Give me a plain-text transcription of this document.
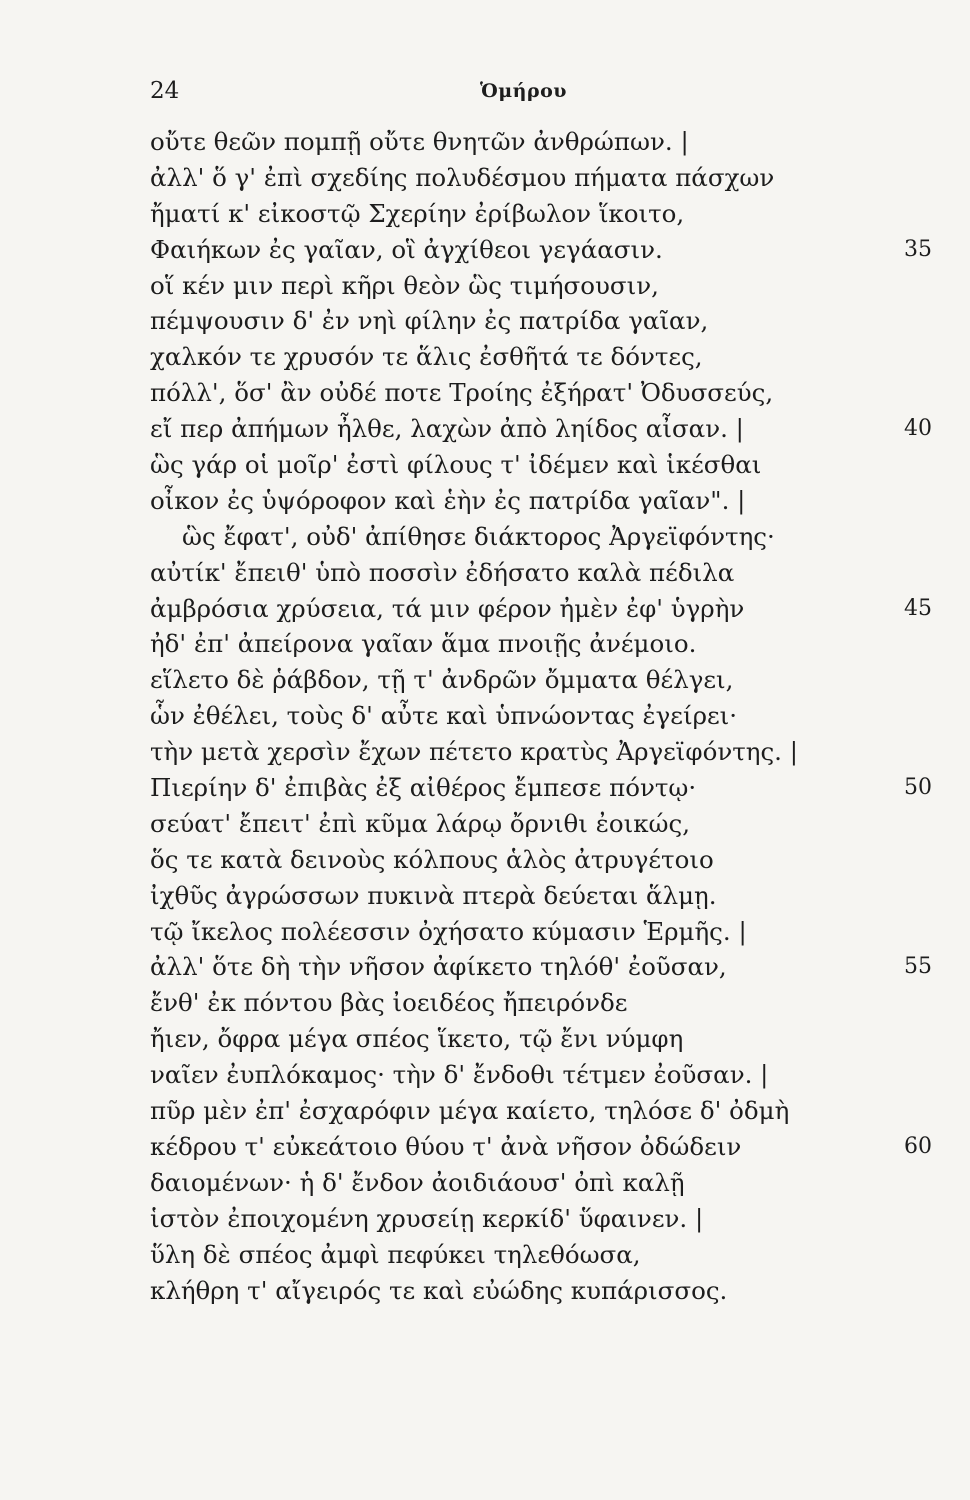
24	Ὁμήρου
οὔτε θεῶν πομπῇ οὔτε θνητῶν ἀνθρώπων. |
ἀλλ' ὅ γ' ἐπὶ σχεδίης πολυδέσμου πήματα πάσχων
ἤματί κ' εἰκοστῷ Σχερίην ἐρίβωλον ἵκοιτο,
Φαιήκων ἐς γαῖαν, οἳ ἀγχίθεοι γεγάασιν.	35
οἵ κέν μιν περὶ κῆρι θεὸν ὣς τιμήσουσιν,
πέμψουσιν δ' ἐν νηὶ φίλην ἐς πατρίδα γαῖαν,
χαλκόν τε χρυσόν τε ἅλις ἐσθῆτά τε δόντες,
πόλλ', ὅσ' ἂν οὐδέ ποτε Τροίης ἐξήρατ' Ὀδυσσεύς,
εἴ περ ἀπήμων ἦλθε, λαχὼν ἀπὸ ληίδος αἶσαν. |	40
ὣς γάρ οἱ μοῖρ' ἐστὶ φίλους τ' ἰδέμεν καὶ ἱκέσθαι
οἶκον ἐς ὑψόροφον καὶ ἑὴν ἐς πατρίδα γαῖαν". |
ὣς ἔφατ', οὐδ' ἀπίθησε διάκτορος Ἀργεϊφόντης·
αὐτίκ' ἔπειθ' ὑπὸ ποσσὶν ἐδήσατο καλὰ πέδιλα
ἀμβρόσια χρύσεια, τά μιν φέρον ἠμὲν ἐφ' ὑγρὴν	45
ἠδ' ἐπ' ἀπείρονα γαῖαν ἅμα πνοιῇς ἀνέμοιο.
εἵλετο δὲ ῥάβδον, τῇ τ' ἀνδρῶν ὄμματα θέλγει,
ὧν ἐθέλει, τοὺς δ' αὖτε καὶ ὑπνώοντας ἐγείρει·
τὴν μετὰ χερσὶν ἔχων πέτετο κρατὺς Ἀργεϊφόντης. |
Πιερίην δ' ἐπιβὰς ἐξ αἰθέρος ἔμπεσε πόντῳ·	50
σεύατ' ἔπειτ' ἐπὶ κῦμα λάρῳ ὄρνιθι ἐοικώς,
ὅς τε κατὰ δεινοὺς κόλπους ἁλὸς ἀτρυγέτοιο
ἰχθῦς ἀγρώσσων πυκινὰ πτερὰ δεύεται ἅλμῃ.
τῷ ἴκελος πολέεσσιν ὀχήσατο κύμασιν Ἑρμῆς. |
ἀλλ' ὅτε δὴ τὴν νῆσον ἀφίκετο τηλόθ' ἐοῦσαν,	55
ἔνθ' ἐκ πόντου βὰς ἰοειδέος ἤπειρόνδε
ἤιεν, ὄφρα μέγα σπέος ἵκετο, τῷ ἔνι νύμφη
ναῖεν ἐυπλόκαμος· τὴν δ' ἔνδοθι τέτμεν ἐοῦσαν. |
πῦρ μὲν ἐπ' ἐσχαρόφιν μέγα καίετο, τηλόσε δ' ὀδμὴ
κέδρου τ' εὐκεάτοιο θύου τ' ἀνὰ νῆσον ὀδώδειν	60
δαιομένων· ἡ δ' ἔνδον ἀοιδιάουσ' ὀπὶ καλῇ
ἱστὸν ἐποιχομένη χρυσείῃ κερκίδ' ὕφαινεν. |
ὕλη δὲ σπέος ἀμφὶ πεφύκει τηλεθόωσα,
κλήθρη τ' αἴγειρός τε καὶ εὐώδης κυπάρισσος.
